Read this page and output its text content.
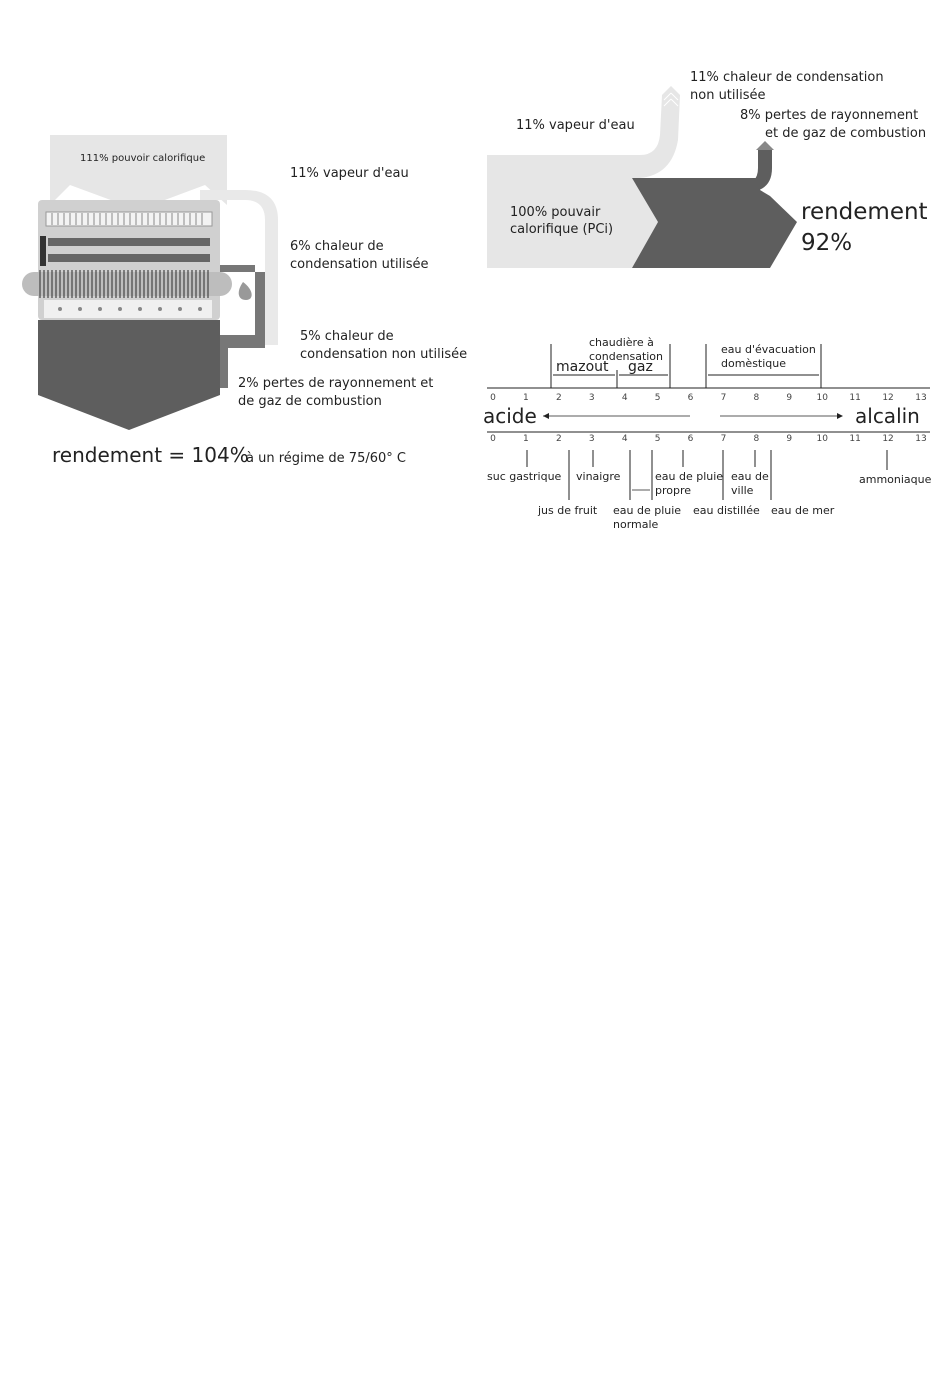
111% pouvoir calorifique
11% vapeur d'eau
6% chaleur de
condensation utilisée
5% chaleur de
condensation non utilisée
2% pertes de rayonnement et
de gaz de combustion
rendement = 104%
à un régime de 75/60° C
11% chaleur de condensation
non utilisée
11% vapeur d'eau
8% pertes de rayonnement
et de gaz de combustion
100% pouvair
calorifique (PCi)
rendement
92%
chaudière à
condensation
mazout gaz
eau d'évacuation
domèstique
0	1	2	3	4	5	6	7	8	9	10	11	12	13
0	1	2	3	4	5	6	7	8	9	10	11	12	13
acide	alcalin
suc gastrique vinaigre	eau de pluie
propre
eau de
ville
ammoniaque
jus de fruit eau de pluie
normale
eau distillée eau de mer
